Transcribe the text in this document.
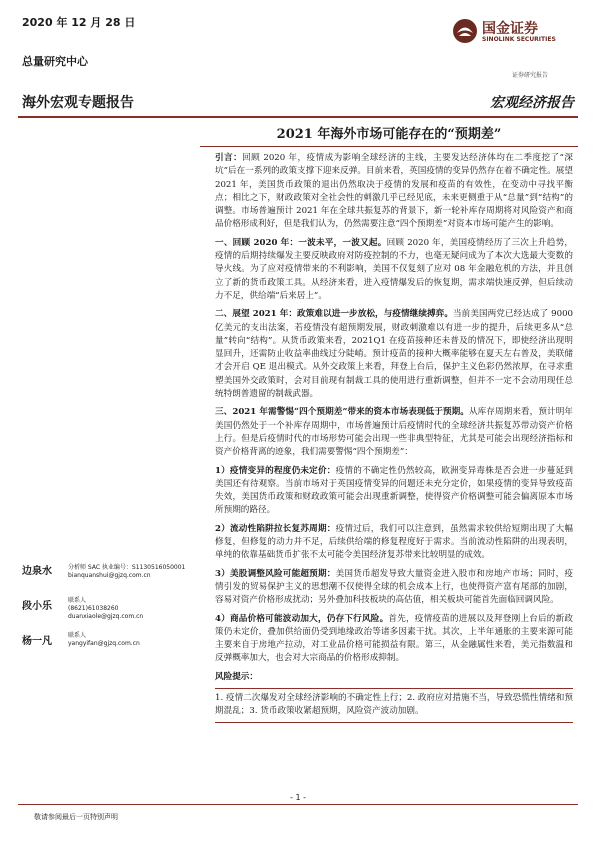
2020 年 12 月 28 日
总量研究中心
国金证券
SINOLINK SECURITIES
证券研究报告
海外宏观专题报告	宏观经济报告
2021 年海外市场可能存在的“预期差”

引言：回顾 2020 年，疫情成为影响全球经济的主线，主要发达经济体均在二季度挖了“深坑”后在一系列的政策支撑下迎来反弹。目前来看，英国疫情的变异仍然存在着不确定性。展望 2021 年，美国货币政策的退出仍然取决于疫情的发展和疫苗的有效性，在变动中寻找平衡点；相比之下，财政政策对全社会性的刺激几乎已经见底，未来更侧重于从“总量”到“结构”的调整。市场普遍预计 2021 年在全球共振复苏的背景下，新一轮补库存周期将对风险资产和商品价格形成利好，但是我们认为，仍然需要注意“四个预期差”对资本市场可能产生的影响。

一、回顾 2020 年：一波未平，一波又起。回顾 2020 年，美国疫情经历了三次上升趋势，疫情的后期持续爆发主要反映政府对防疫控制的不力，也毫无疑问成为了本次大选最大变数的导火线。为了应对疫情带来的不利影响，美国不仅复刻了应对 08 年金融危机的方法，并且创立了新的货币政策工具。从经济来看，进入疫情爆发后的恢复期，需求端快速反弹，但后续动力不足，供给端“后来居上”。

二、展望 2021 年：政策难以进一步放松，与疫情继续搏弈。当前美国两党已经达成了 9000 亿美元的支出法案，若疫情没有超预期发展，财政刺激难以有进一步的提升，后续更多从“总量”转向“结构”。从货币政策来看，2021Q1 在疫苗接种还未普及的情况下，即使经济出现明显回升，还需防止收益率曲线过分陡峭。预计疫苗的接种大概率能够在夏天左右普及，美联储才会开启 QE 退出模式。从外交政策上来看，拜登上台后，保护主义色彩仍然浓厚，在寻求重塑美国外交政策时，会对目前现有制裁工具的使用进行重新调整，但并不一定不会动用现任总统特朗普遗留的制裁武器。

三、2021 年需警惕“四个预期差”带来的资本市场表现低于预期。从库存周期来看，预计明年美国仍然处于一个补库存周期中，市场普遍预计后疫情时代的全球经济共振复苏带动资产价格上行。但是后疫情时代的市场形势可能会出现一些非典型特征，尤其是可能会出现经济指标和资产价格背离的迹象，我们需要警惕“四个预期差”：

1）疫情变异的程度仍未定价：疫情的不确定性仍然较高，欧洲变异毒株是否会进一步蔓延到美国还有待观察。当前市场对于英国疫情变异的问题还未充分定价，如果疫情的变异导致疫苗失效，美国货币政策和财政政策可能会出现重新调整，使得资产价格调整可能会偏离原本市场所预期的路径。

2）流动性陷阱拉长复苏周期：疫情过后，我们可以注意到，虽然需求较供给短期出现了大幅修复，但修复的动力并不足，后续供给端的修复程度好于需求。当前流动性陷阱的出现表明，单纯的依靠基础货币扩张不太可能令美国经济复苏带来比较明显的成效。

3）美股调整风险可能超预期：美国货币超发导致大量资金进入股市和房地产市场；同时，疫情引发的贸易保护主义的思想潮不仅使得全球的机会成本上行，也使得资产富有尾部的加剧，容易对资产价格形成扰动；另外叠加科技板块的高估值，相关板块可能首先面临回调风险。

4）商品价格可能波动加大，仍存下行风险。首先，疫情疫苗的进展以及拜登刚上台后的新政策仍未定价，叠加供给面仍受到地缘政治等诸多因素干扰。其次，上半年通胀的主要来源可能主要来自于房地产拉动，对工业品价格可能损益有限。第三，从金融属性来看，美元指数温和反弹概率加大，也会对大宗商品的价格形成抑制。

风险提示：
1. 疫情二次爆发对全球经济影响的不确定性上行；2. 政府应对措施不当，导致恐慌性情绪和预期混乱；3. 货币政策收紧超预期，风险资产波动加剧。
边泉水	分析师 SAC 执业编号：S1130516050001
bianquanshui@gjzq.com.cn
段小乐
联系人
(8621)61038260
duanxiaole@gjzq.com.cn
杨一凡
联系人
yangyifan@gjzq.com.cn
- 1 -
敬请参阅最后一页特别声明
